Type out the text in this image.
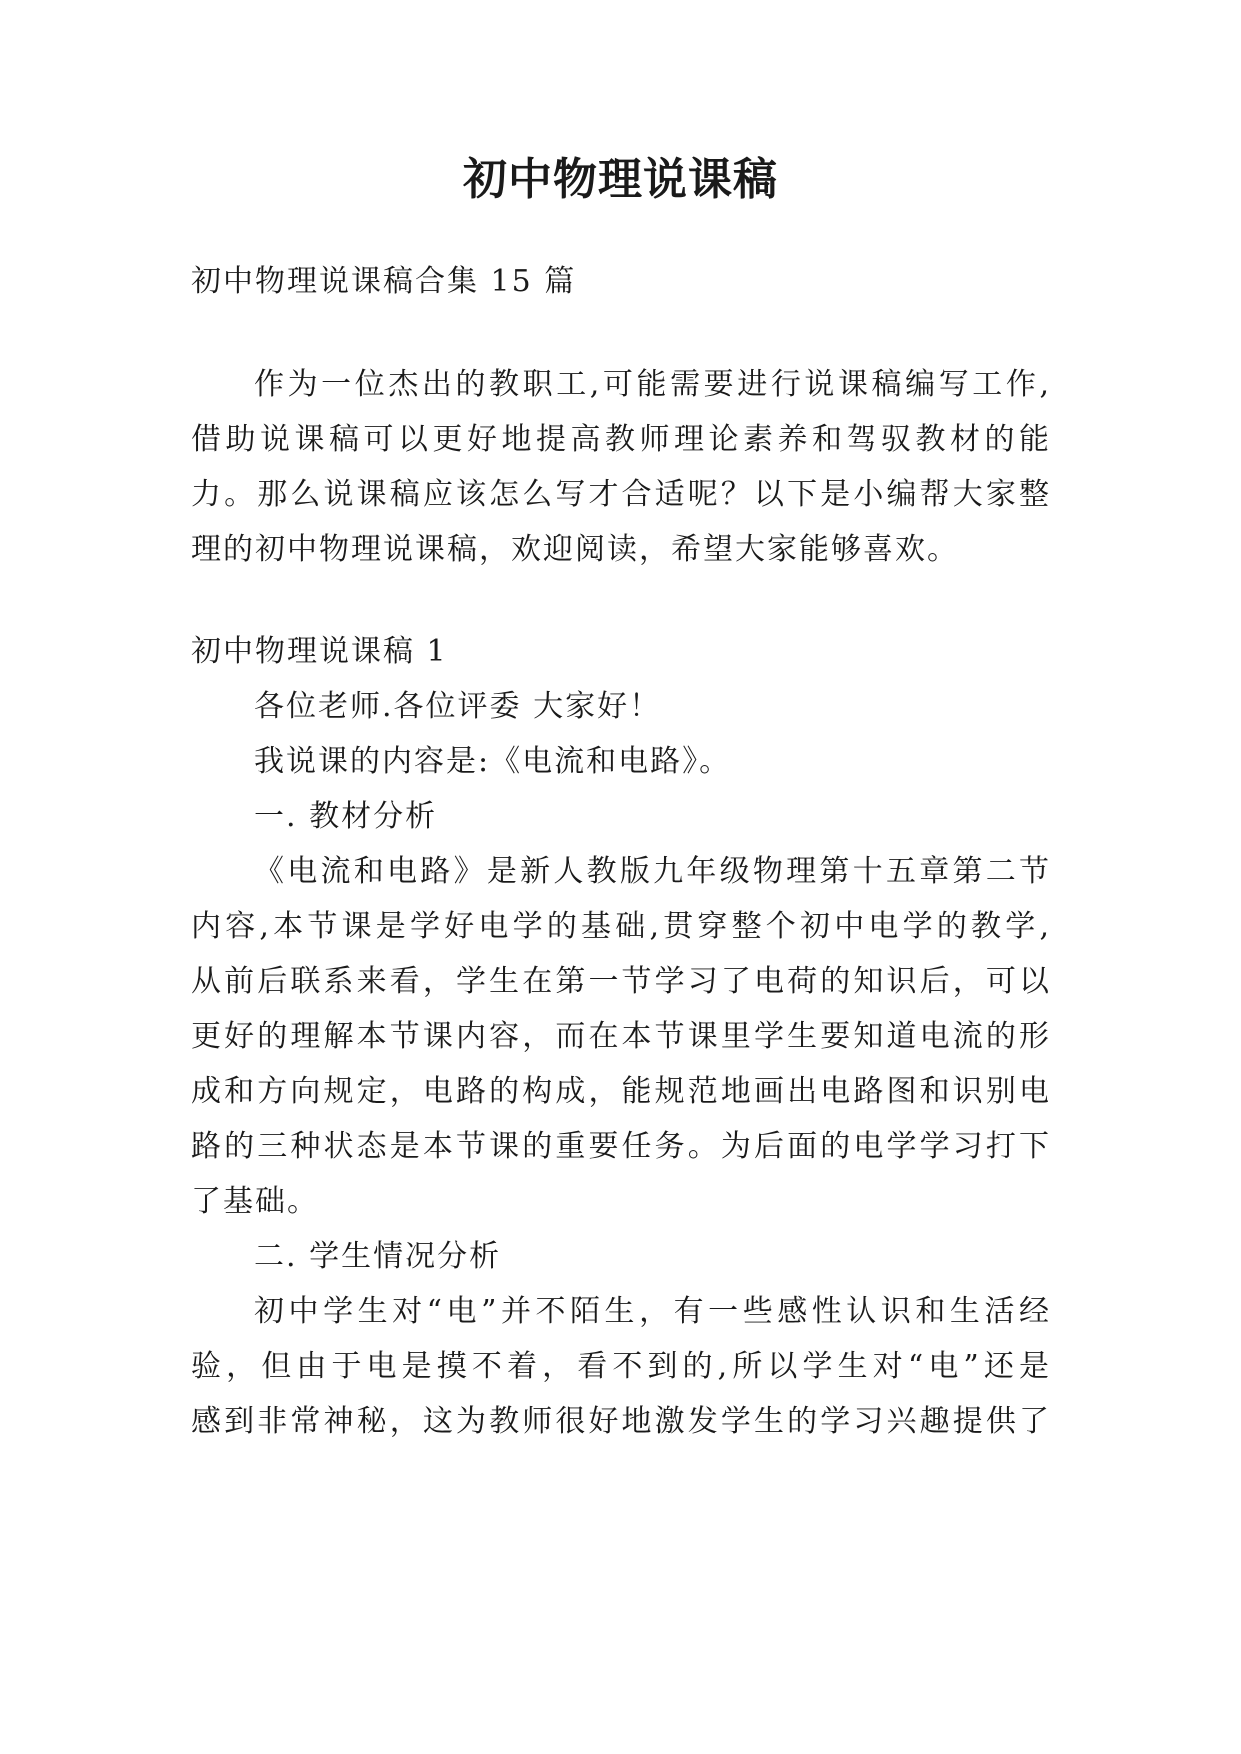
初中物理说课稿
初中物理说课稿合集 15 篇
作为一位杰出的教职工,可能需要进行说课稿编写工作,
借助说课稿可以更好地提高教师理论素养和驾驭教材的能
力。那么说课稿应该怎么写才合适呢？以下是小编帮大家整
理的初中物理说课稿，欢迎阅读，希望大家能够喜欢。
初中物理说课稿 1
各位老师.各位评委 大家好！
我说课的内容是:《电流和电路》。
一. 教材分析
《电流和电路》是新人教版九年级物理第十五章第二节
内容,本节课是学好电学的基础,贯穿整个初中电学的教学,
从前后联系来看，学生在第一节学习了电荷的知识后，可以
更好的理解本节课内容，而在本节课里学生要知道电流的形
成和方向规定，电路的构成，能规范地画出电路图和识别电
路的三种状态是本节课的重要任务。为后面的电学学习打下
了基础。
二. 学生情况分析
初中学生对“电”并不陌生，有一些感性认识和生活经
验，但由于电是摸不着，看不到的,所以学生对“电”还是
感到非常神秘，这为教师很好地激发学生的学习兴趣提供了
